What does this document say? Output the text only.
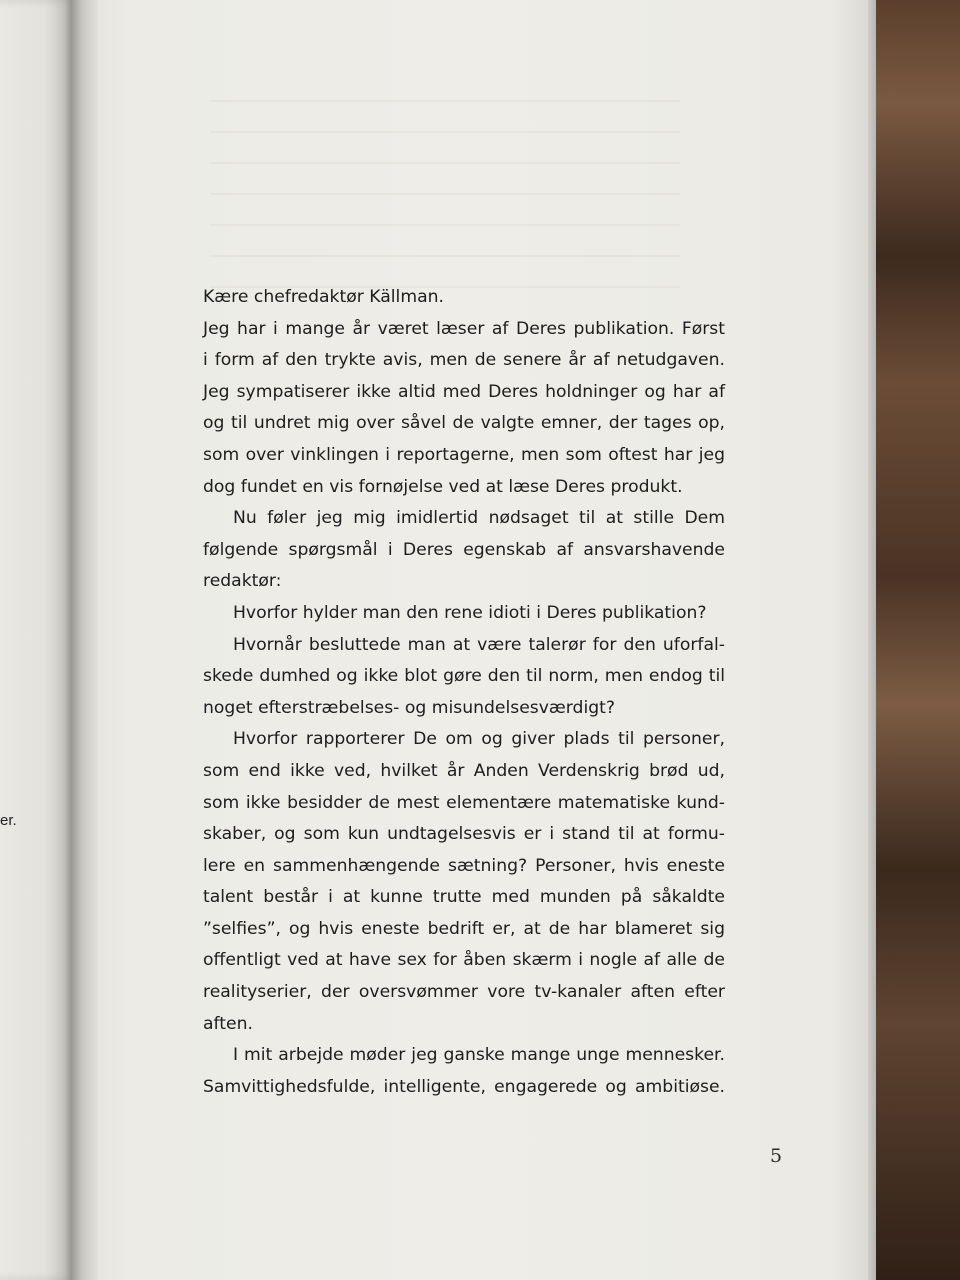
er.
Kære chefredaktør Källman.
Jeg har i mange år været læser af Deres publikation. Først
i form af den trykte avis, men de senere år af netudgaven.
Jeg sympatiserer ikke altid med Deres holdninger og har af
og til undret mig over såvel de valgte emner, der tages op,
som over vinklingen i reportagerne, men som oftest har jeg
dog fundet en vis fornøjelse ved at læse Deres produkt.
Nu føler jeg mig imidlertid nødsaget til at stille Dem
følgende spørgsmål i Deres egenskab af ansvarshavende
redaktør:
Hvorfor hylder man den rene idioti i Deres publikation?
Hvornår besluttede man at være talerør for den uforfal-
skede dumhed og ikke blot gøre den til norm, men endog til
noget efterstræbelses- og misundelsesværdigt?
Hvorfor rapporterer De om og giver plads til personer,
som end ikke ved, hvilket år Anden Verdenskrig brød ud,
som ikke besidder de mest elementære matematiske kund-
skaber, og som kun undtagelsesvis er i stand til at formu-
lere en sammenhængende sætning? Personer, hvis eneste
talent består i at kunne trutte med munden på såkaldte
”selfies”, og hvis eneste bedrift er, at de har blameret sig
offentligt ved at have sex for åben skærm i nogle af alle de
realityserier, der oversvømmer vore tv-kanaler aften efter
aften.
I mit arbejde møder jeg ganske mange unge mennesker.
Samvittighedsfulde, intelligente, engagerede og ambitiøse.
5
